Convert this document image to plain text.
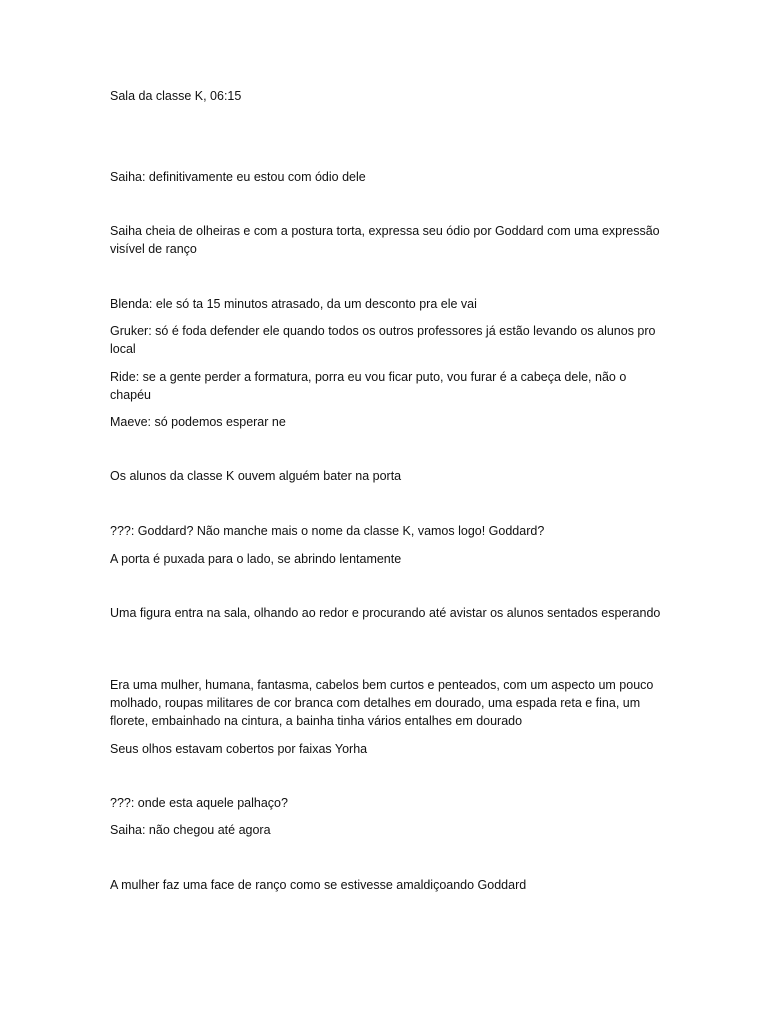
Sala da classe K, 06:15

Saiha: definitivamente eu estou com ódio dele

Saiha cheia de olheiras e com a postura torta, expressa seu ódio por Goddard com uma expressão visível de ranço

Blenda: ele só ta 15 minutos atrasado, da um desconto pra ele vai

Gruker: só é foda defender ele quando todos os outros professores já estão levando os alunos pro local

Ride: se a gente perder a formatura, porra eu vou ficar puto, vou furar é a cabeça dele, não o chapéu

Maeve: só podemos esperar ne

Os alunos da classe K ouvem alguém bater na porta

???: Goddard? Não manche mais o nome da classe K, vamos logo! Goddard?

A porta é puxada para o lado, se abrindo lentamente

Uma figura entra na sala, olhando ao redor e procurando até avistar os alunos sentados esperando

Era uma mulher, humana, fantasma, cabelos bem curtos e penteados, com um aspecto um pouco molhado, roupas militares de cor branca com detalhes em dourado, uma espada reta e fina, um florete, embainhado na cintura, a bainha tinha vários entalhes em dourado

Seus olhos estavam cobertos por faixas Yorha

???: onde esta aquele palhaço?

Saiha: não chegou até agora

A mulher faz uma face de ranço como se estivesse amaldiçoando Goddard
